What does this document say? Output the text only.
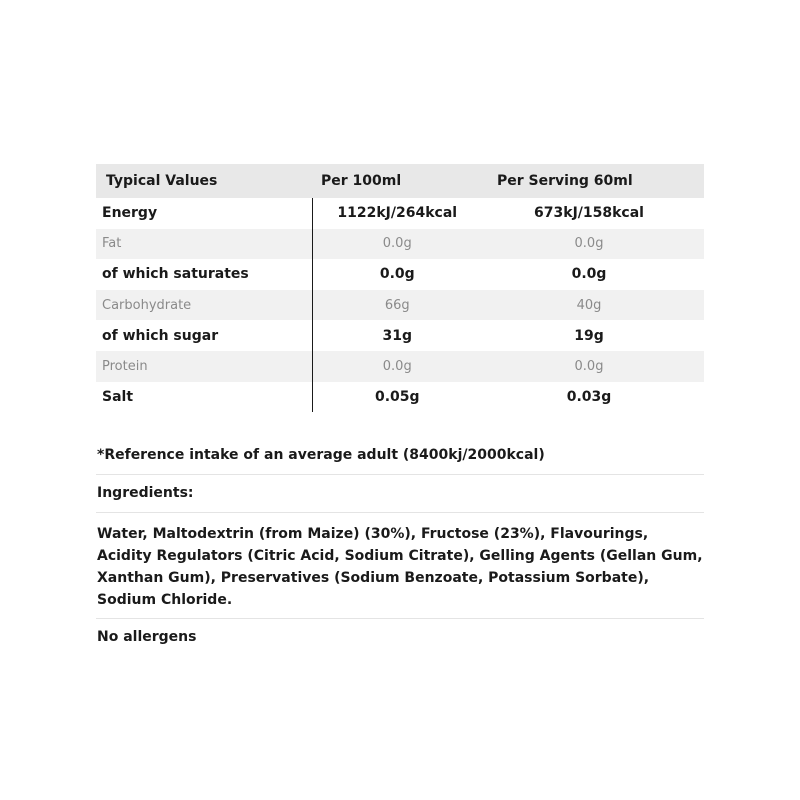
Typical Values	Per 100ml	Per Serving 60ml
Energy	1122kJ/264kcal	673kJ/158kcal
Fat	0.0g	0.0g
of which saturates	0.0g	0.0g
Carbohydrate	66g	40g
of which sugar	31g	19g
Protein	0.0g	0.0g
Salt	0.05g	0.03g
*Reference intake of an average adult (8400kj/2000kcal)
Ingredients:
Water, Maltodextrin (from Maize) (30%), Fructose (23%), Flavourings, Acidity Regulators (Citric Acid, Sodium Citrate), Gelling Agents (Gellan Gum, Xanthan Gum), Preservatives (Sodium Benzoate, Potassium Sorbate), Sodium Chloride.
No allergens
